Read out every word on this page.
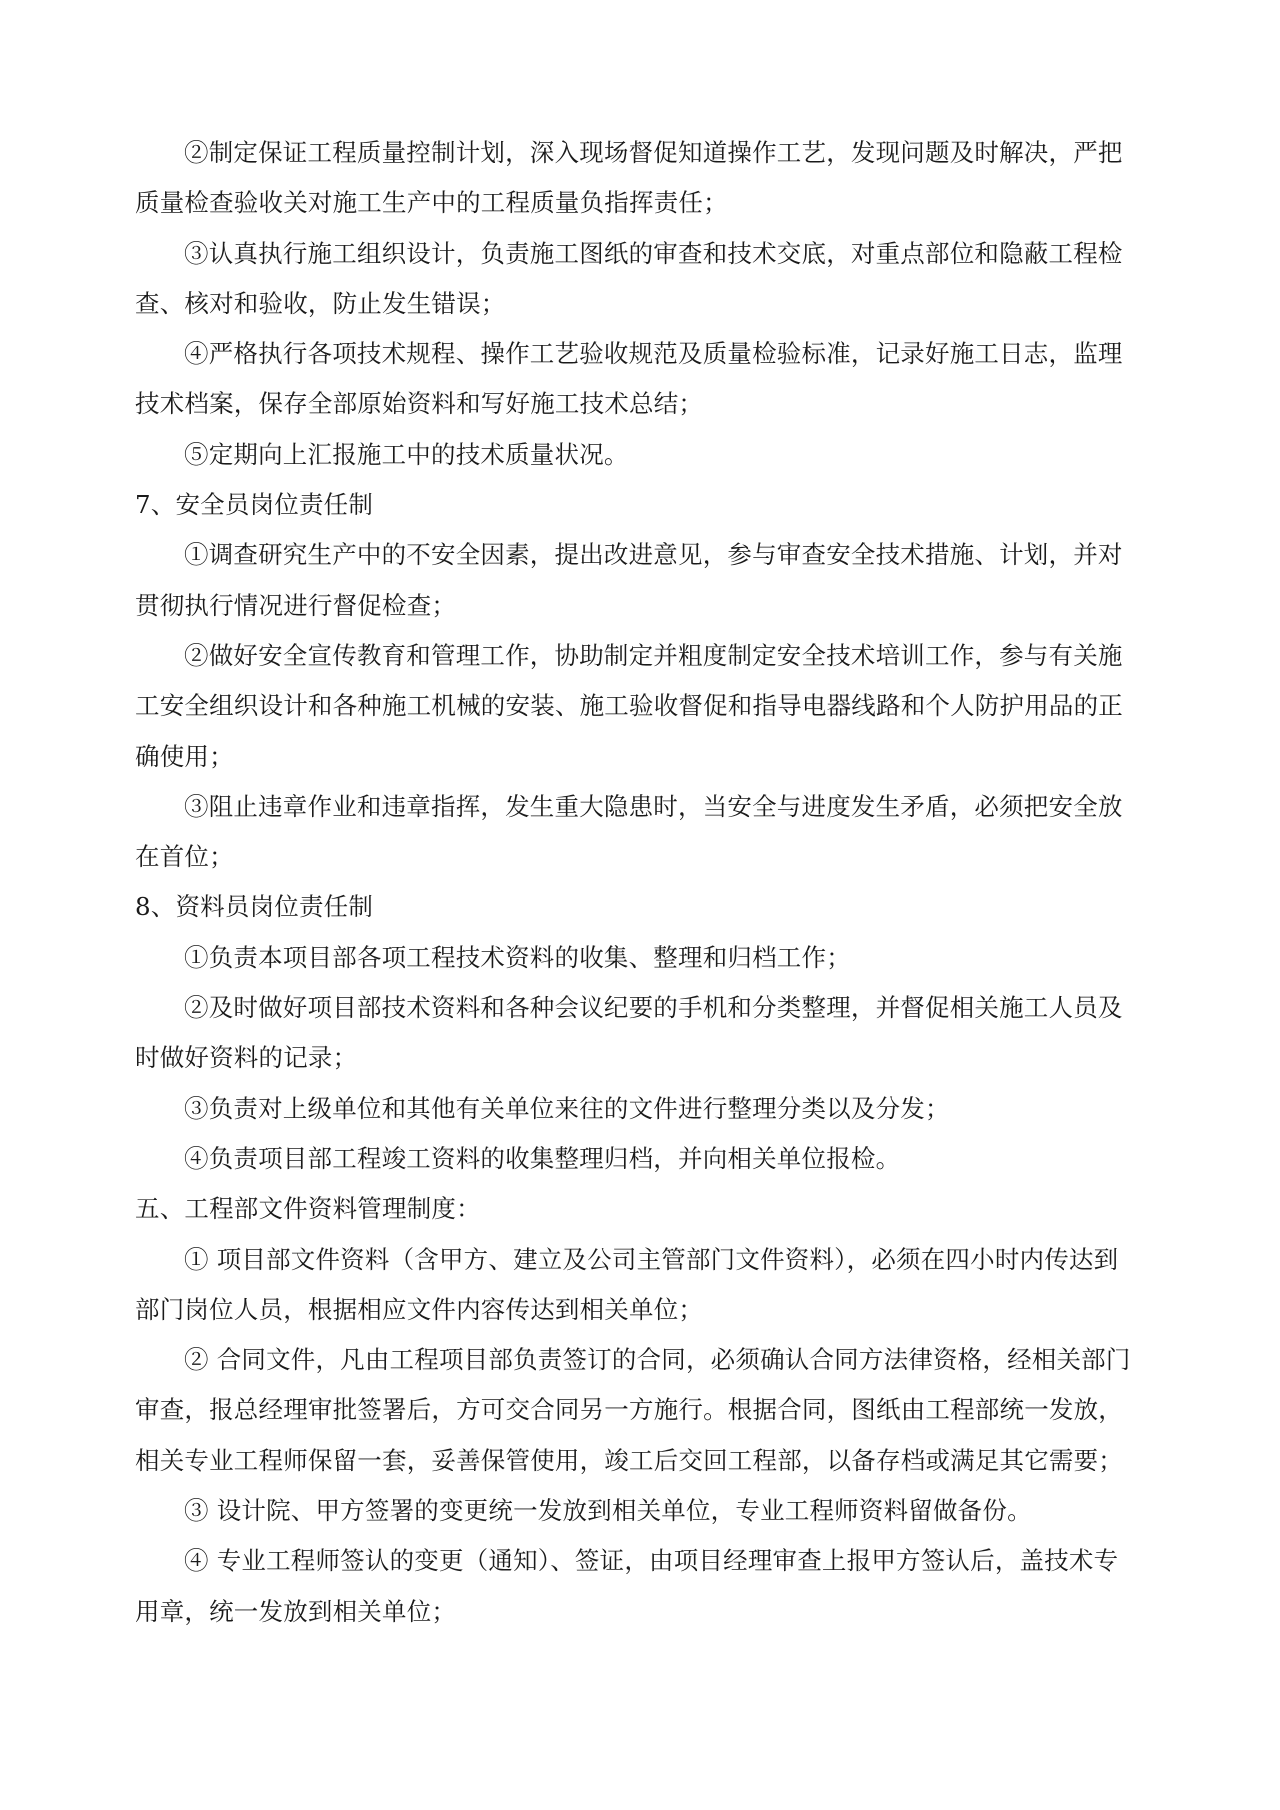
②制定保证工程质量控制计划，深入现场督促知道操作工艺，发现问题及时解决，严把

质量检查验收关对施工生产中的工程质量负指挥责任；

③认真执行施工组织设计，负责施工图纸的审查和技术交底，对重点部位和隐蔽工程检

查、核对和验收，防止发生错误；

④严格执行各项技术规程、操作工艺验收规范及质量检验标准，记录好施工日志，监理

技术档案，保存全部原始资料和写好施工技术总结；

⑤定期向上汇报施工中的技术质量状况。

7、安全员岗位责任制

①调查研究生产中的不安全因素，提出改进意见，参与审查安全技术措施、计划，并对

贯彻执行情况进行督促检查；

②做好安全宣传教育和管理工作，协助制定并粗度制定安全技术培训工作，参与有关施

工安全组织设计和各种施工机械的安装、施工验收督促和指导电器线路和个人防护用品的正

确使用；

③阻止违章作业和违章指挥，发生重大隐患时，当安全与进度发生矛盾，必须把安全放

在首位；

8、资料员岗位责任制

①负责本项目部各项工程技术资料的收集、整理和归档工作；

②及时做好项目部技术资料和各种会议纪要的手机和分类整理，并督促相关施工人员及

时做好资料的记录；

③负责对上级单位和其他有关单位来往的文件进行整理分类以及分发；

④负责项目部工程竣工资料的收集整理归档，并向相关单位报检。

五、工程部文件资料管理制度：

① 项目部文件资料（含甲方、建立及公司主管部门文件资料），必须在四小时内传达到

部门岗位人员，根据相应文件内容传达到相关单位；

② 合同文件，凡由工程项目部负责签订的合同，必须确认合同方法律资格，经相关部门

审查，报总经理审批签署后，方可交合同另一方施行。根据合同，图纸由工程部统一发放，

相关专业工程师保留一套，妥善保管使用，竣工后交回工程部，以备存档或满足其它需要；

③ 设计院、甲方签署的变更统一发放到相关单位，专业工程师资料留做备份。

④ 专业工程师签认的变更（通知）、签证，由项目经理审查上报甲方签认后，盖技术专

用章，统一发放到相关单位；
